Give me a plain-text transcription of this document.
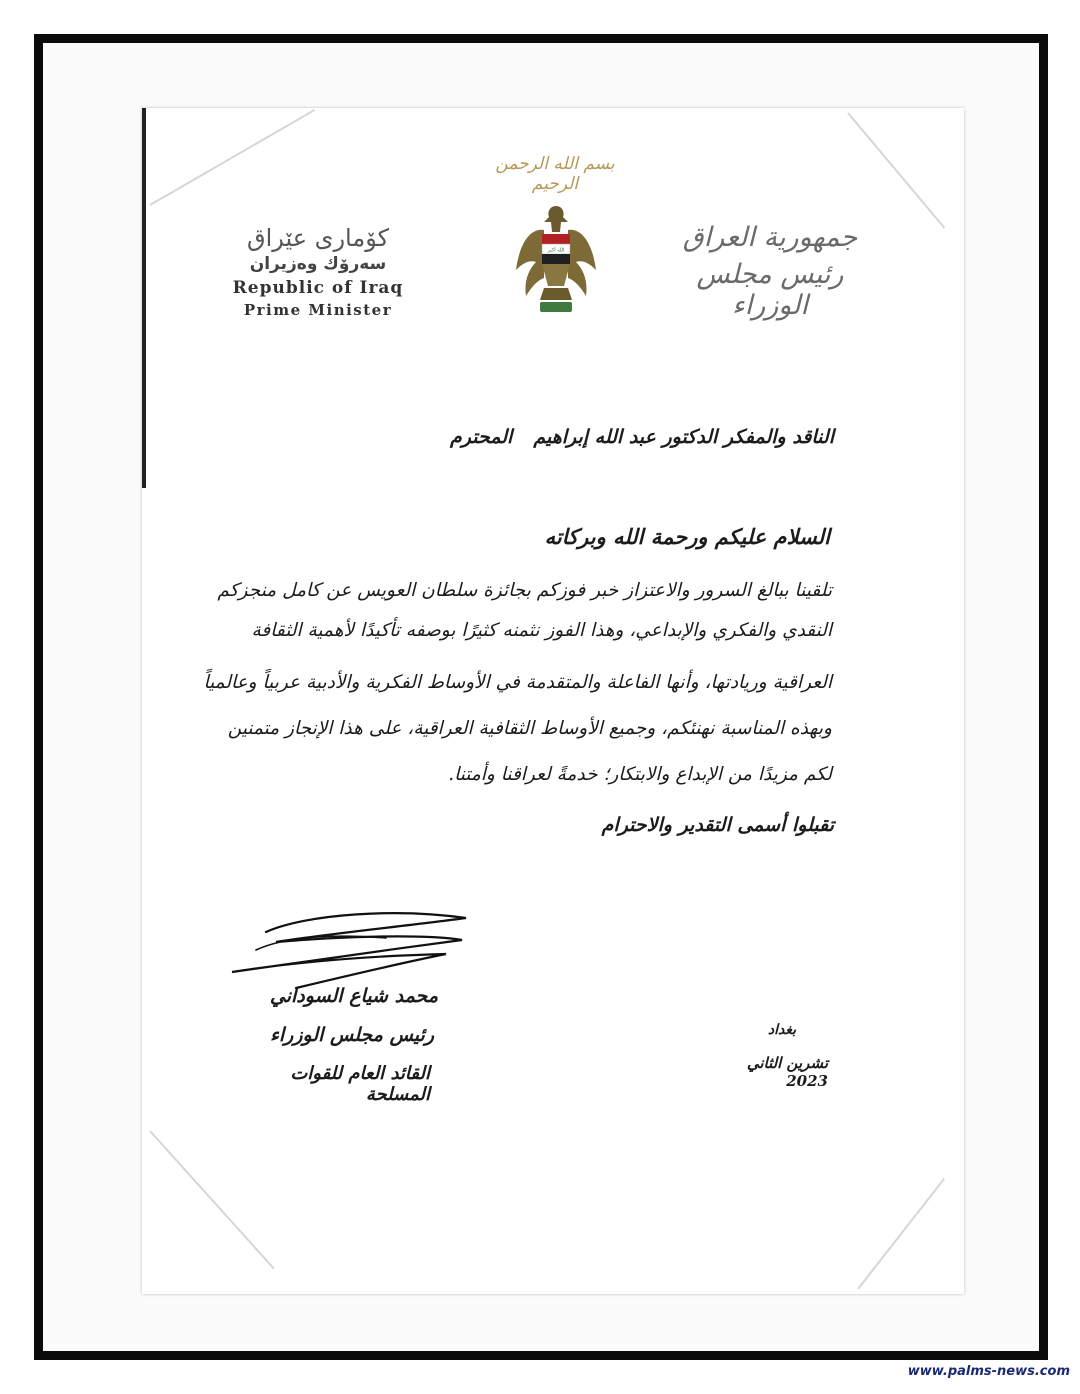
بسم الله الرحمن الرحيم
الله أكبر
كۆماری عێراق
سەرۆك وەزیران
Republic of Iraq
Prime Minister
جمهورية العراق
رئيس مجلس الوزراء
الناقد والمفكر الدكتور عبد الله إبراهيم
المحترم
السلام عليكم ورحمة الله وبركاته
تلقينا ببالغ السرور والاعتزاز خبر فوزكم بجائزة سلطان العويس عن كامل منجزكم
النقدي والفكري والإبداعي، وهذا الفوز نثمنه كثيرًا بوصفه تأكيدًا لأهمية الثقافة
العراقية وريادتها، وأنها الفاعلة والمتقدمة في الأوساط الفكرية والأدبية عربياً وعالمياً
وبهذه المناسبة نهنئكم، وجميع الأوساط الثقافية العراقية، على هذا الإنجاز متمنين
لكم مزيدًا من الإبداع والابتكار؛ خدمةً لعراقنا وأمتنا.
تقبلوا أسمى التقدير والاحترام
محمد شياع السوداني
رئيس مجلس الوزراء
القائد العام للقوات المسلحة
بغداد
تشرين الثاني 2023
www.palms-news.com
